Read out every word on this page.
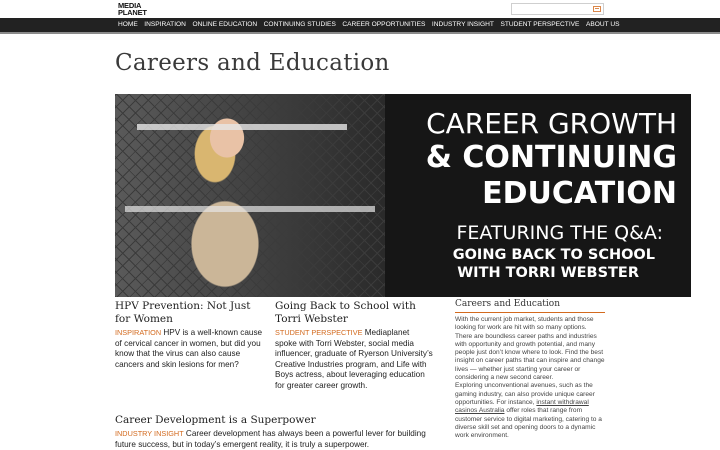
MEDIA
PLANET
HOME INSPIRATION ONLINE EDUCATION CONTINUING STUDIES CAREER OPPORTUNITIES INDUSTRY INSIGHT STUDENT PERSPECTIVE ABOUT US
Careers and Education
CAREER GROWTH
& CONTINUING
EDUCATION
FEATURING THE Q&A:
GOING BACK TO SCHOOL
WITH TORRI WEBSTER
HPV Prevention: Not Just for Women

INSPIRATION HPV is a well-known cause of cervical cancer in women, but did you know that the virus can also cause cancers and skin lesions for men?

Going Back to School with Torri Webster

STUDENT PERSPECTIVE Mediaplanet spoke with Torri Webster, social media influencer, graduate of Ryerson University’s Creative Industries program, and Life with Boys actress, about leveraging education for greater career growth.

Career Development is a Superpower

INDUSTRY INSIGHT Career development has always been a powerful lever for building future success, but in today’s emergent reality, it is truly a superpower.

Careers and Education

With the current job market, students and those looking for work are hit with so many options. There are boundless career paths and industries with opportunity and growth potential, and many people just don’t know where to look. Find the best insight on career paths that can inspire and change lives — whether just starting your career or considering a new second career.

Exploring unconventional avenues, such as the gaming industry, can also provide unique career opportunities. For instance, instant withdrawal casinos Australia offer roles that range from customer service to digital marketing, catering to a diverse skill set and opening doors to a dynamic work environment.
